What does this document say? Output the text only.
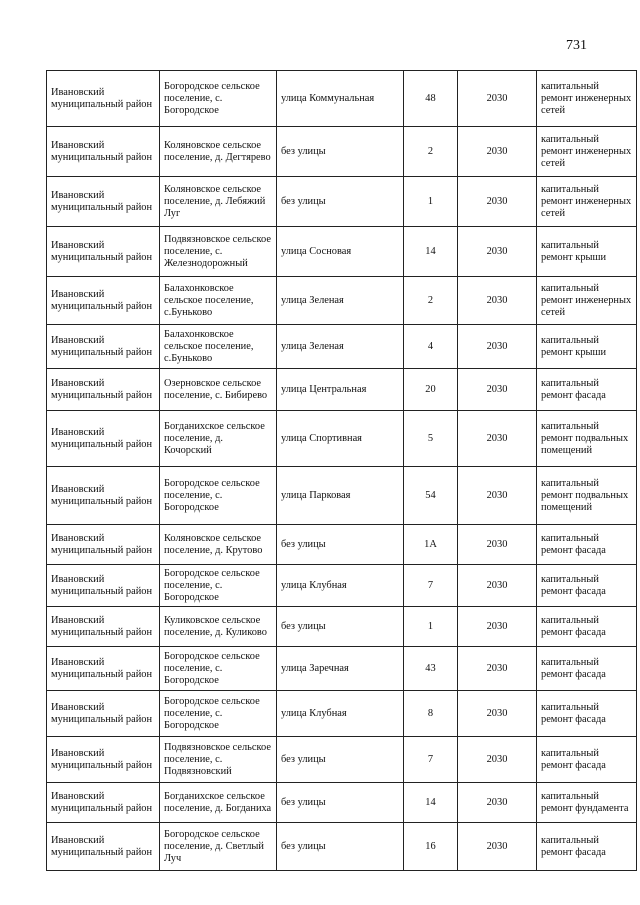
731
Ивановский муниципальный район	Богородское сельское поселение, с. Богородское	улица Коммунальная	48	2030	капитальный ремонт инженерных сетей
Ивановский муниципальный район	Коляновское сельское поселение, д. Дегтярево	без улицы	2	2030	капитальный ремонт инженерных сетей
Ивановский муниципальный район	Коляновское сельское поселение, д. Лебяжий Луг	без улицы	1	2030	капитальный ремонт инженерных сетей
Ивановский муниципальный район	Подвязновское сельское поселение, с. Железнодорожный	улица Сосновая	14	2030	капитальный ремонт крыши
Ивановский муниципальный район	Балахонковское сельское поселение, с.Буньково	улица Зеленая	2	2030	капитальный ремонт инженерных сетей
Ивановский муниципальный район	Балахонковское сельское поселение, с.Буньково	улица Зеленая	4	2030	капитальный ремонт крыши
Ивановский муниципальный район	Озерновское сельское поселение, с. Бибирево	улица Центральная	20	2030	капитальный ремонт фасада
Ивановский муниципальный район	Богданихское сельское поселение, д. Кочорский	улица Спортивная	5	2030	капитальный ремонт подвальных помещений
Ивановский муниципальный район	Богородское сельское поселение, с. Богородское	улица Парковая	54	2030	капитальный ремонт подвальных помещений
Ивановский муниципальный район	Коляновское сельское поселение, д. Крутово	без улицы	1А	2030	капитальный ремонт фасада
Ивановский муниципальный район	Богородское сельское поселение, с. Богородское	улица Клубная	7	2030	капитальный ремонт фасада
Ивановский муниципальный район	Куликовское сельское поселение, д. Куликово	без улицы	1	2030	капитальный ремонт фасада
Ивановский муниципальный район	Богородское сельское поселение, с. Богородское	улица Заречная	43	2030	капитальный ремонт фасада
Ивановский муниципальный район	Богородское сельское поселение, с. Богородское	улица Клубная	8	2030	капитальный ремонт фасада
Ивановский муниципальный район	Подвязновское сельское поселение, с. Подвязновский	без улицы	7	2030	капитальный ремонт фасада
Ивановский муниципальный район	Богданихское сельское поселение, д. Богданиха	без улицы	14	2030	капитальный ремонт фундамента
Ивановский муниципальный район	Богородское сельское поселение, д. Светлый Луч	без улицы	16	2030	капитальный ремонт фасада
